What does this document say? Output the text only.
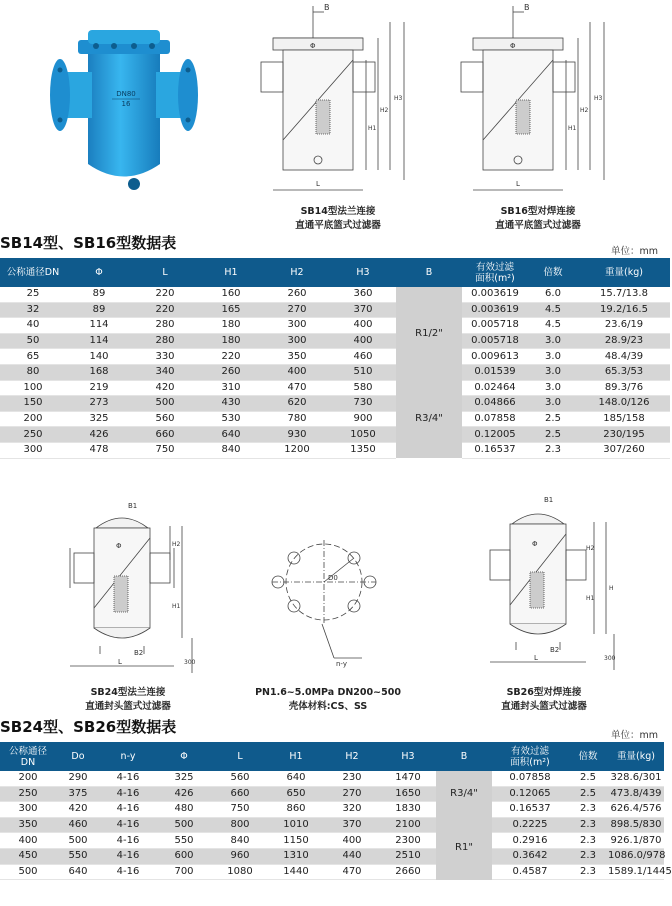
DN80
16
B
Φ
L
H1
H2
H3
SB14型法兰连接
直通平底篮式过滤器
B
Φ
L
H1
H2
H3
SB16型对焊连接
直通平底篮式过滤器
SB14型、SB16型数据表	单位：mm
公称通径DN	Φ	L	H1	H2	H3	B	有效过滤
面积(m²)	倍数	重量(kg)
25	89	220	160	260	360	R1/2"	0.003619	6.0	15.7/13.8
32	89	220	165	270	370		0.003619	4.5	19.2/16.5
40	114	280	180	300	400		0.005718	4.5	23.6/19
50	114	280	180	300	400		0.005718	3.0	28.9/23
65	140	330	220	350	460		0.009613	3.0	48.4/39
80	168	340	260	400	510		0.01539	3.0	65.3/53
100	219	420	310	470	580	R3/4"	0.02464	3.0	89.3/76
150	273	500	430	620	730		0.04866	3.0	148.0/126
200	325	560	530	780	900		0.07858	2.5	185/158
250	426	660	640	930	1050		0.12005	2.5	230/195
300	478	750	840	1200	1350		0.16537	2.3	307/260
B1
Φ
B2
L
H2
H1
300
SB24型法兰连接
直通封头篮式过滤器
D0
n-y
PN1.6~5.0MPa DN200~500
壳体材料:CS、SS
B1
Φ
B2
L
H2
H1
H
300
SB26型对焊连接
直通封头篮式过滤器
SB24型、SB26型数据表	单位：mm
公称通径
DN	Do	n-y	Φ	L	H1	H2	H3	B	有效过滤
面积(m²)	倍数	重量(kg)
200	290	4-16	325	560	640	230	1470	R3/4"	0.07858	2.5	328.6/301
250	375	4-16	426	660	650	270	1650		0.12065	2.5	473.8/439
300	420	4-16	480	750	860	320	1830		0.16537	2.3	626.4/576
350	460	4-16	500	800	1010	370	2100	R1"	0.2225	2.3	898.5/830
400	500	4-16	550	840	1150	400	2300		0.2916	2.3	926.1/870
450	550	4-16	600	960	1310	440	2510		0.3642	2.3	1086.0/978
500	640	4-16	700	1080	1440	470	2660		0.4587	2.3	1589.1/1445
